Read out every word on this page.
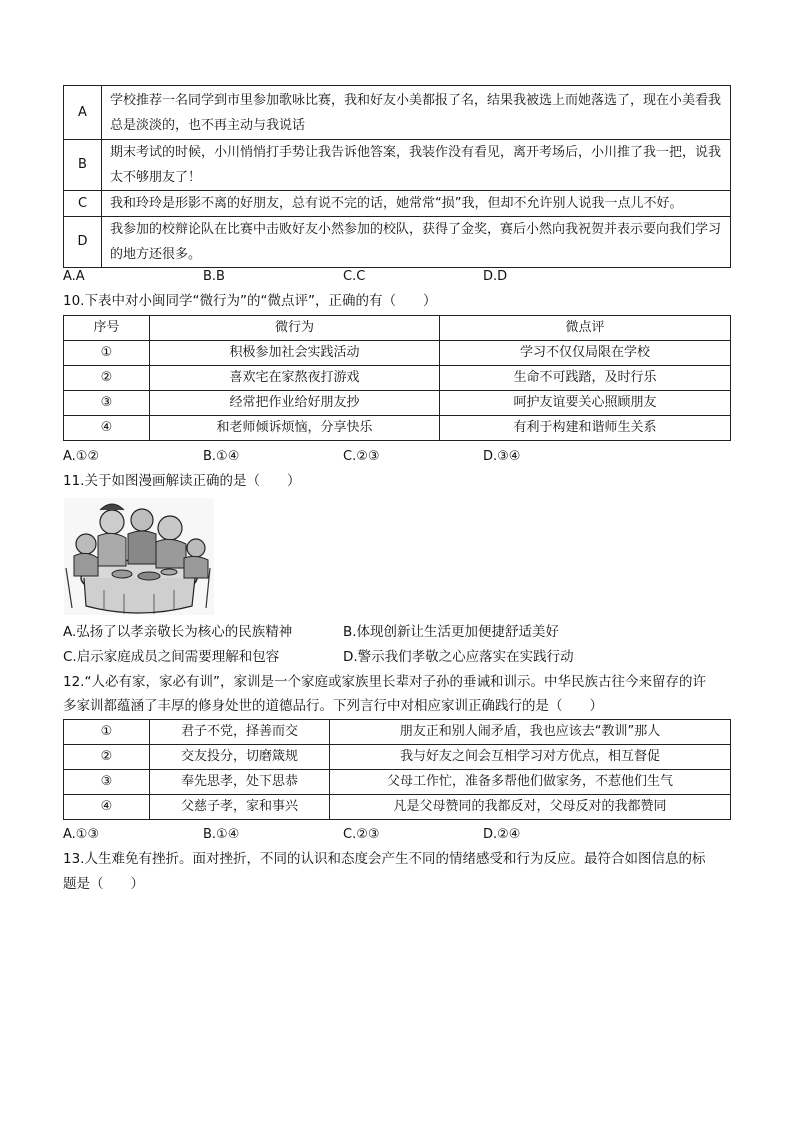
A	学校推荐一名同学到市里参加歌咏比赛，我和好友小美都报了名，结果我被选上而她落选了，现在小美看我总是淡淡的，也不再主动与我说话

B	期末考试的时候，小川悄悄打手势让我告诉他答案，我装作没有看见，离开考场后，小川推了我一把，说我太不够朋友了！

C	我和玲玲是形影不离的好朋友，总有说不完的话，她常常“损”我，但却不允许别人说我一点儿不好。

D	我参加的校辩论队在比赛中击败好友小然参加的校队，获得了金奖，赛后小然向我祝贺并表示要向我们学习的地方还很多。
A.A	B.B	C.C	D.D
10.下表中对小闽同学“微行为”的“微点评”，正确的有（　　）
序号	微行为	微点评
①	积极参加社会实践活动	学习不仅仅局限在学校
②	喜欢宅在家熬夜打游戏	生命不可践踏，及时行乐
③	经常把作业给好朋友抄	呵护友谊要关心照顾朋友
④	和老师倾诉烦恼，分享快乐	有利于构建和谐师生关系
A.①②	B.①④	C.②③	D.③④
11.关于如图漫画解读正确的是（　　）
A.弘扬了以孝亲敬长为核心的民族精神	B.体现创新让生活更加便捷舒适美好
C.启示家庭成员之间需要理解和包容	D.警示我们孝敬之心应落实在实践行动
12.“人必有家，家必有训”，家训是一个家庭或家族里长辈对子孙的垂诫和训示。中华民族古往今来留存的许
多家训都蕴涵了丰厚的修身处世的道德品行。下列言行中对相应家训正确践行的是（　　）
①	君子不党，择善而交	朋友正和别人闹矛盾，我也应该去“教训”那人
②	交友投分，切磨箴规	我与好友之间会互相学习对方优点，相互督促
③	奉先思孝，处下思恭	父母工作忙，准备多帮他们做家务，不惹他们生气
④	父慈子孝，家和事兴	凡是父母赞同的我都反对，父母反对的我都赞同
A.①③	B.①④	C.②③	D.②④
13.人生难免有挫折。面对挫折，不同的认识和态度会产生不同的情绪感受和行为反应。最符合如图信息的标
题是（　　）
